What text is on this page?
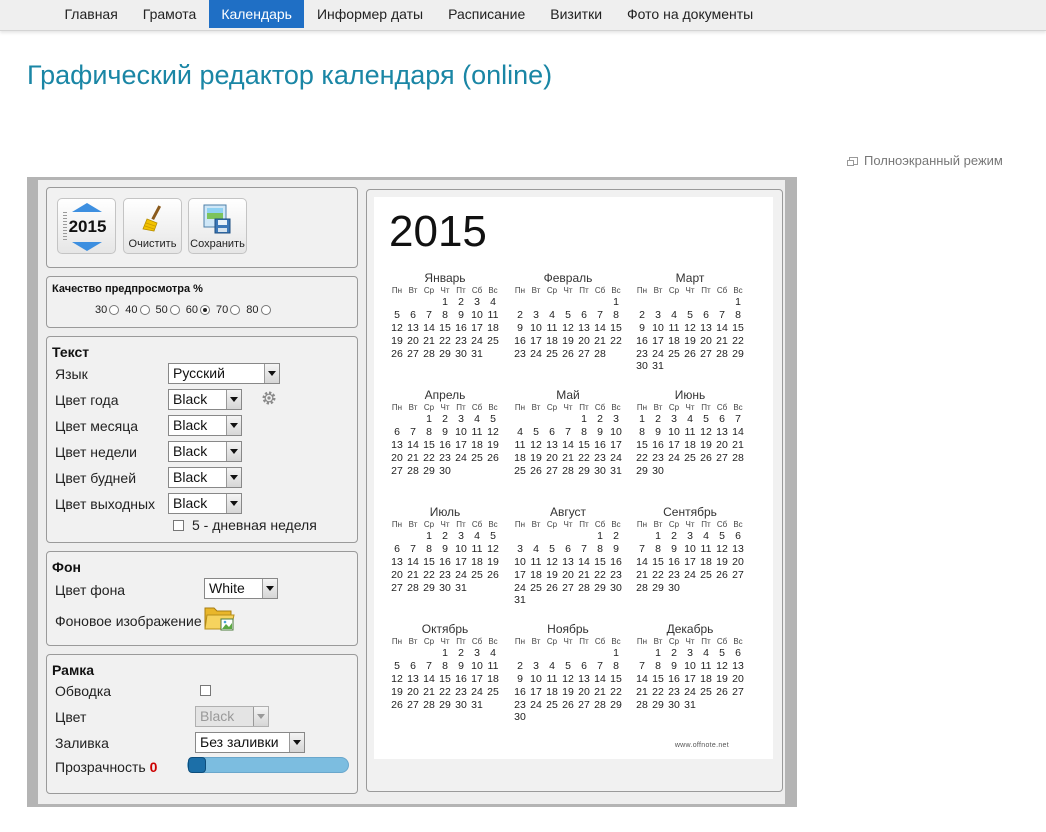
Главная	Грамота	Календарь	Информер даты	Расписание	Визитки	Фото на документы
Графический редактор календаря (online)
Полноэкранный режим
2015
Очистить	Сохранить
Качество предпросмотра %
30 40 50 60 70 80
Текст
Язык	Русский
Цвет года	Black
Цвет месяца	Black
Цвет недели	Black
Цвет будней	Black
Цвет выходных	Black
5 - дневная неделя
Фон
Цвет фона	White
Фоновое изображение
Рамка
Обводка
Цвет	Black
Заливка	Без заливки
Прозрачность 0
2015
www.offnote.net
Январь
Пн	Вт	Ср	Чт	Пт	Сб	Вс
			1	2	3	4
5	6	7	8	9	10	11
12	13	14	15	16	17	18
19	20	21	22	23	24	25
26	27	28	29	30	31	
Февраль
Пн	Вт	Ср	Чт	Пт	Сб	Вс
						1
2	3	4	5	6	7	8
9	10	11	12	13	14	15
16	17	18	19	20	21	22
23	24	25	26	27	28	
Март
Пн	Вт	Ср	Чт	Пт	Сб	Вс
						1
2	3	4	5	6	7	8
9	10	11	12	13	14	15
16	17	18	19	20	21	22
23	24	25	26	27	28	29
30	31					
Апрель
Пн	Вт	Ср	Чт	Пт	Сб	Вс
		1	2	3	4	5
6	7	8	9	10	11	12
13	14	15	16	17	18	19
20	21	22	23	24	25	26
27	28	29	30			
Май
Пн	Вт	Ср	Чт	Пт	Сб	Вс
				1	2	3
4	5	6	7	8	9	10
11	12	13	14	15	16	17
18	19	20	21	22	23	24
25	26	27	28	29	30	31
Июнь
Пн	Вт	Ср	Чт	Пт	Сб	Вс
1	2	3	4	5	6	7
8	9	10	11	12	13	14
15	16	17	18	19	20	21
22	23	24	25	26	27	28
29	30					
Июль
Пн	Вт	Ср	Чт	Пт	Сб	Вс
		1	2	3	4	5
6	7	8	9	10	11	12
13	14	15	16	17	18	19
20	21	22	23	24	25	26
27	28	29	30	31		
Август
Пн	Вт	Ср	Чт	Пт	Сб	Вс
					1	2
3	4	5	6	7	8	9
10	11	12	13	14	15	16
17	18	19	20	21	22	23
24	25	26	27	28	29	30
31						
Сентябрь
Пн	Вт	Ср	Чт	Пт	Сб	Вс
	1	2	3	4	5	6
7	8	9	10	11	12	13
14	15	16	17	18	19	20
21	22	23	24	25	26	27
28	29	30				
Октябрь
Пн	Вт	Ср	Чт	Пт	Сб	Вс
			1	2	3	4
5	6	7	8	9	10	11
12	13	14	15	16	17	18
19	20	21	22	23	24	25
26	27	28	29	30	31	
Ноябрь
Пн	Вт	Ср	Чт	Пт	Сб	Вс
						1
2	3	4	5	6	7	8
9	10	11	12	13	14	15
16	17	18	19	20	21	22
23	24	25	26	27	28	29
30						
Декабрь
Пн	Вт	Ср	Чт	Пт	Сб	Вс
	1	2	3	4	5	6
7	8	9	10	11	12	13
14	15	16	17	18	19	20
21	22	23	24	25	26	27
28	29	30	31			
